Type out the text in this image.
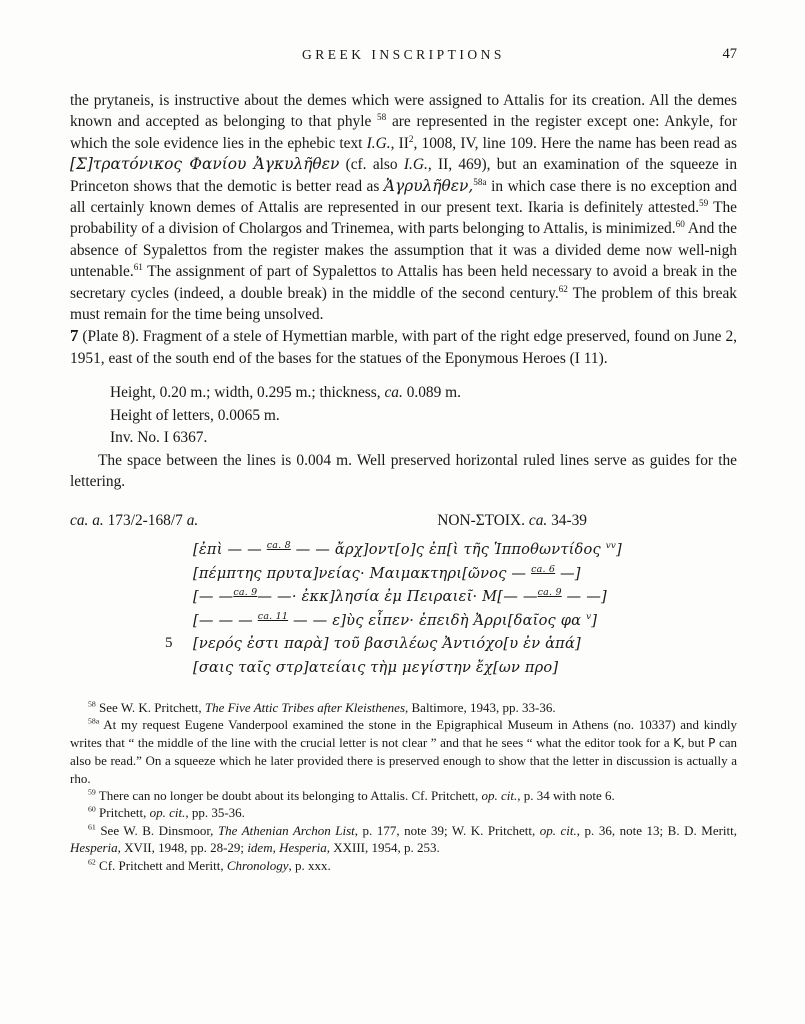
GREEK INSCRIPTIONS	47

the prytaneis, is instructive about the demes which were assigned to Attalis for its creation. All the demes known and accepted as belonging to that phyle $^{58}$ are represented in the register except one: Ankyle, for which the sole evidence lies in the ephebic text I.G., $II^2$, 1008, IV, line 109. Here the name has been read as [Σ]τρατόνικος Φανίου Ἀγκυλῆθεν (cf. also I.G., II, 469), but an examination of the squeeze in Princeton shows that the demotic is better read as Ἀγρυλῆθεν,$^{58a}$ in which case there is no exception and all certainly known demes of Attalis are represented in our present text. Ikaria is definitely attested.$^{59}$ The probability of a division of Cholargos and Trinemea, with parts belonging to Attalis, is minimized.$^{60}$ And the absence of Sypalettos from the register makes the assumption that it was a divided deme now well-nigh untenable.$^{61}$ The assignment of part of Sypalettos to Attalis has been held necessary to avoid a break in the secretary cycles (indeed, a double break) in the middle of the second century.$^{62}$ The problem of this break must remain for the time being unsolved.

7 (Plate 8). Fragment of a stele of Hymettian marble, with part of the right edge preserved, found on June 2, 1951, east of the south end of the bases for the statues of the Eponymous Heroes (I 11).

Height, 0.20 m.; width, 0.295 m.; thickness, ca. 0.089 m.
Height of letters, 0.0065 m.
Inv. No. I 6367.

The space between the lines is 0.004 m. Well preserved horizontal ruled lines serve as guides for the lettering.

ca. a. 173/2-168/7 a.	ΝΟΝ-ΣΤΟΙΧ. ca. 34-39
[ἐπὶ — — $^{ca. 8}$ — — ἄρχ]οντ[ο]ς ἐπ[ὶ τῆς Ἱπποθωντίδος $^{vv}$]
[πέμπτης πρυτα]νείας· Μαιμακτηρι[ῶνος — $^{ca. 6}$ —]
[— —$^{ca. 9}$— —· ἐκκ]λησία ἐμ Πειραιεῖ· Μ[— —$^{ca. 9}$ — —]
[— — — $^{ca. 11}$ — — ε]ὺς εἶπεν· ἐπειδὴ Ἀρρι[δαῖος φα $^v$]
5	[νερός ἐστι παρὰ] τοῦ βασιλέως Ἀντιόχο[υ ἐν ἁπά]
[σαις ταῖς στρ]ατείαις τὴμ μεγίστην ἔχ[ων προ]

$^{58}$ See W. K. Pritchett, The Five Attic Tribes after Kleisthenes, Baltimore, 1943, pp. 33-36.

$^{58a}$ At my request Eugene Vanderpool examined the stone in the Epigraphical Museum in Athens (no. 10337) and kindly writes that “ the middle of the line with the crucial letter is not clear ” and that he sees “ what the editor took for a K, but P can also be read.” On a squeeze which he later provided there is preserved enough to show that the letter in discussion is actually a rho.

$^{59}$ There can no longer be doubt about its belonging to Attalis. Cf. Pritchett, op. cit., p. 34 with note 6.

$^{60}$ Pritchett, op. cit., pp. 35-36.

$^{61}$ See W. B. Dinsmoor, The Athenian Archon List, p. 177, note 39; W. K. Pritchett, op. cit., p. 36, note 13; B. D. Meritt, Hesperia, XVII, 1948, pp. 28-29; idem, Hesperia, XXIII, 1954, p. 253.

$^{62}$ Cf. Pritchett and Meritt, Chronology, p. xxx.
